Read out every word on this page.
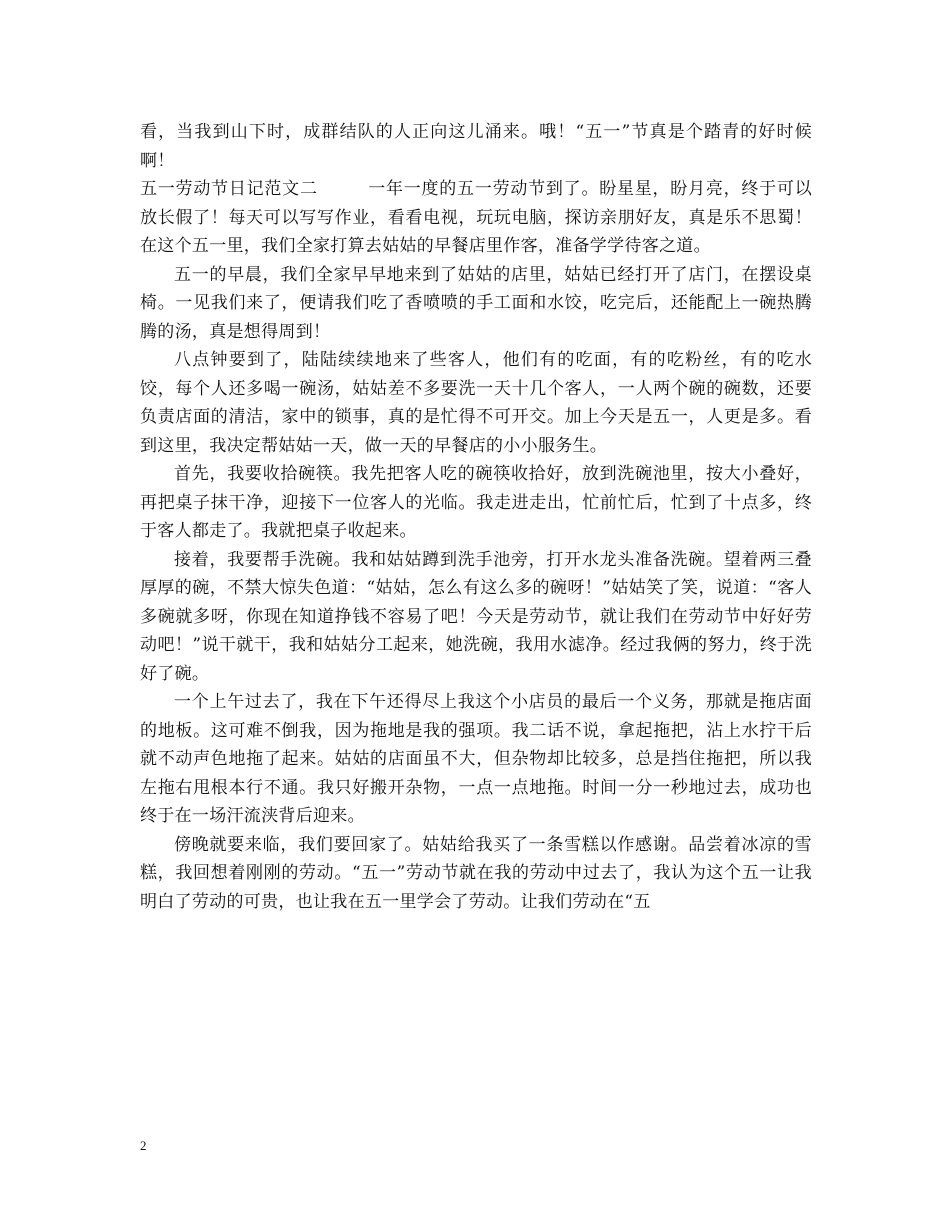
看，当我到山下时，成群结队的人正向这儿涌来。哦！“五一”节真是个踏青的好时候啊！

五一劳动节日记范文二	一年一度的五一劳动节到了。盼星星，盼月亮，终于可以放长假了！每天可以写写作业，看看电视，玩玩电脑，探访亲朋好友，真是乐不思蜀！在这个五一里，我们全家打算去姑姑的早餐店里作客，准备学学待客之道。

五一的早晨，我们全家早早地来到了姑姑的店里，姑姑已经打开了店门，在摆设桌椅。一见我们来了，便请我们吃了香喷喷的手工面和水饺，吃完后，还能配上一碗热腾腾的汤，真是想得周到！

八点钟要到了，陆陆续续地来了些客人，他们有的吃面，有的吃粉丝，有的吃水饺，每个人还多喝一碗汤，姑姑差不多要洗一天十几个客人，一人两个碗的碗数，还要负责店面的清洁，家中的锁事，真的是忙得不可开交。加上今天是五一，人更是多。看到这里，我决定帮姑姑一天，做一天的早餐店的小小服务生。

首先，我要收拾碗筷。我先把客人吃的碗筷收拾好，放到洗碗池里，按大小叠好，再把桌子抹干净，迎接下一位客人的光临。我走进走出，忙前忙后，忙到了十点多，终于客人都走了。我就把桌子收起来。

接着，我要帮手洗碗。我和姑姑蹲到洗手池旁，打开水龙头准备洗碗。望着两三叠厚厚的碗，不禁大惊失色道：“姑姑，怎么有这么多的碗呀！”姑姑笑了笑，说道：“客人多碗就多呀，你现在知道挣钱不容易了吧！今天是劳动节，就让我们在劳动节中好好劳动吧！”说干就干，我和姑姑分工起来，她洗碗，我用水滤净。经过我俩的努力，终于洗好了碗。

一个上午过去了，我在下午还得尽上我这个小店员的最后一个义务，那就是拖店面的地板。这可难不倒我，因为拖地是我的强项。我二话不说，拿起拖把，沾上水拧干后就不动声色地拖了起来。姑姑的店面虽不大，但杂物却比较多，总是挡住拖把，所以我左拖右甩根本行不通。我只好搬开杂物，一点一点地拖。时间一分一秒地过去，成功也终于在一场汗流浃背后迎来。

傍晚就要来临，我们要回家了。姑姑给我买了一条雪糕以作感谢。品尝着冰凉的雪糕，我回想着刚刚的劳动。“五一”劳动节就在我的劳动中过去了，我认为这个五一让我明白了劳动的可贵，也让我在五一里学会了劳动。让我们劳动在“五

2
